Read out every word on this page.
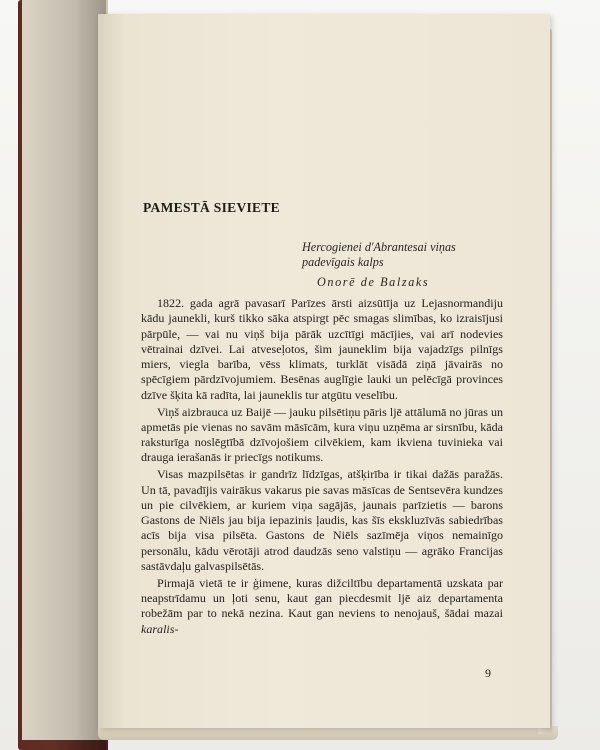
PAMESTĀ SIEVIETE
Hercogienei d'Abrantesai viņas padevīgais kalps
Onorē de Balzaks

1822. gada agrā pavasarī Parīzes ārsti aizsūtīja uz Lejasnormandiju kādu jaunekli, kurš tikko sāka atspirgt pēc smagas slimības, ko izraisījusi pārpūle, — vai nu viņš bija pārāk uzcītīgi mācījies, vai arī nodevies vētrainai dzīvei. Lai atveseļotos, šim jauneklim bija vajadzīgs pilnīgs miers, viegla barība, vēss klimats, turklāt visādā ziņā jāvairās no spēcīgiem pārdzīvojumiem. Besēnas auglīgie lauki un pelēcīgā provinces dzīve šķita kā radīta, lai jauneklis tur atgūtu veselību.

Viņš aizbrauca uz Baijē — jauku pilsētiņu pāris ljē attālumā no jūras un apmetās pie vienas no savām māsīcām, kura viņu uzņēma ar sirsnību, kāda raksturīga noslēgtībā dzīvojošiem cilvēkiem, kam ikviena tuvinieka vai drauga ierašanās ir priecīgs notikums.

Visas mazpilsētas ir gandrīz līdzīgas, atšķirība ir tikai dažās paražās. Un tā, pavadījis vairākus vakarus pie savas māsīcas de Sentsevēra kundzes un pie cilvēkiem, ar kuriem viņa sagājās, jaunais parīzietis — barons Gastons de Niēls jau bija iepazinis ļaudis, kas šīs ekskluzīvās sabiedrības acīs bija visa pilsēta. Gastons de Niēls sazīmēja viņos nemainīgo personālu, kādu vērotāji atrod daudzās seno valstiņu — agrāko Francijas sastāvdaļu galvaspilsētās.

Pirmajā vietā te ir ģimene, kuras dižciltību departamentā uzskata par neapstrīdamu un ļoti senu, kaut gan piecdesmit ljē aiz departamenta robežām par to nekā nezina. Kaut gan neviens to nenojauš, šādai mazai karalis-

9
